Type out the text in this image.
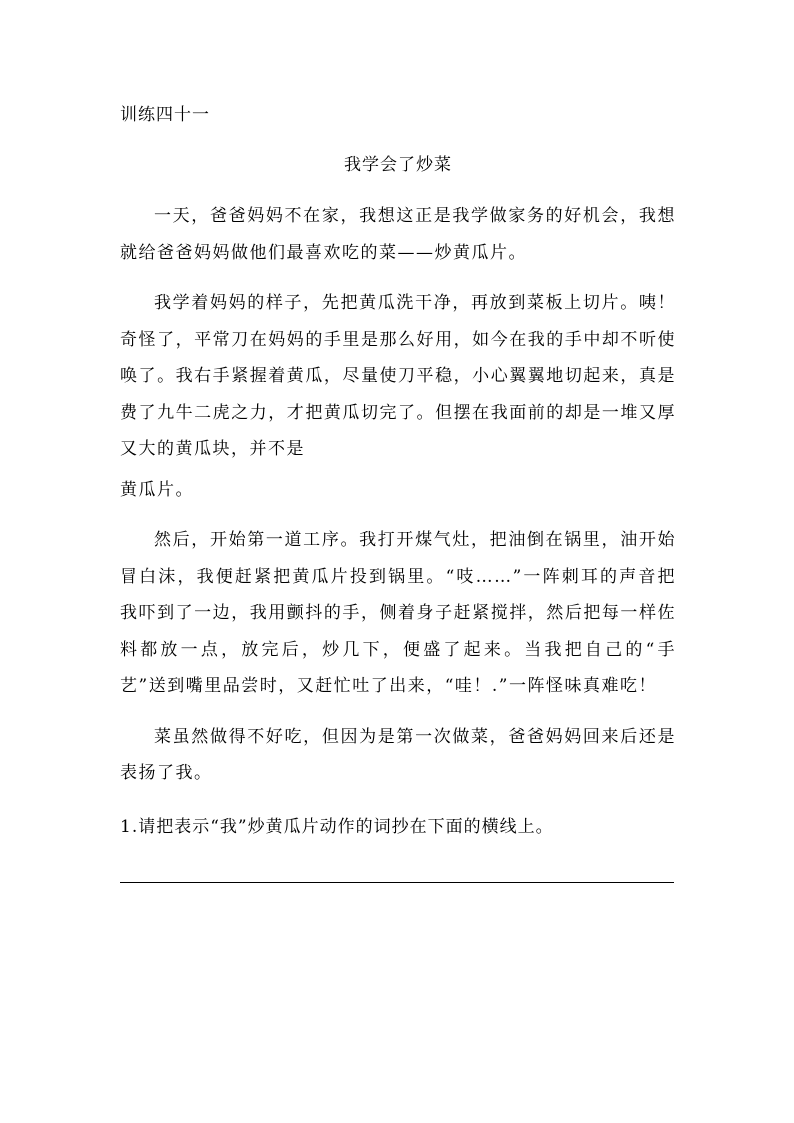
训练四十一
我学会了炒菜

一天，爸爸妈妈不在家，我想这正是我学做家务的好机会，我想就给爸爸妈妈做他们最喜欢吃的菜——炒黄瓜片。

我学着妈妈的样子，先把黄瓜洗干净，再放到菜板上切片。咦！奇怪了，平常刀在妈妈的手里是那么好用，如今在我的手中却不听使唤了。我右手紧握着黄瓜，尽量使刀平稳，小心翼翼地切起来，真是费了九牛二虎之力，才把黄瓜切完了。但摆在我面前的却是一堆又厚又大的黄瓜块，并不是

黄瓜片。

然后，开始第一道工序。我打开煤气灶，把油倒在锅里，油开始冒白沫，我便赶紧把黄瓜片投到锅里。“吱……”一阵刺耳的声音把我吓到了一边，我用颤抖的手，侧着身子赶紧搅拌，然后把每一样佐料都放一点，放完后，炒几下，便盛了起来。当我把自己的“手艺”送到嘴里品尝时，又赶忙吐了出来，“哇！.”一阵怪味真难吃！

菜虽然做得不好吃，但因为是第一次做菜，爸爸妈妈回来后还是表扬了我。

1.请把表示“我”炒黄瓜片动作的词抄在下面的横线上。
